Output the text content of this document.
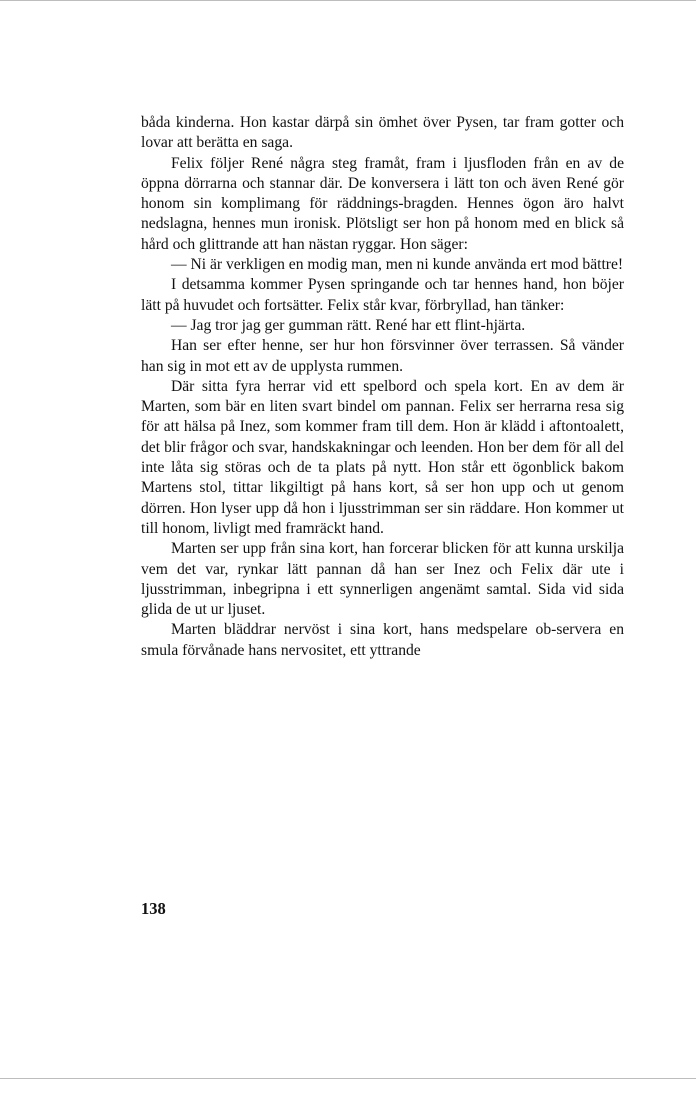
båda kinderna. Hon kastar därpå sin ömhet över Pysen, tar fram gotter och lovar att berätta en saga.

Felix följer René några steg framåt, fram i ljusfloden från en av de öppna dörrarna och stannar där. De konversera i lätt ton och även René gör honom sin komplimang för räddnings-bragden. Hennes ögon äro halvt nedslagna, hennes mun ironisk. Plötsligt ser hon på honom med en blick så hård och glittrande att han nästan ryggar. Hon säger:

— Ni är verkligen en modig man, men ni kunde använda ert mod bättre!

I detsamma kommer Pysen springande och tar hennes hand, hon böjer lätt på huvudet och fortsätter. Felix står kvar, förbryllad, han tänker:

— Jag tror jag ger gumman rätt. René har ett flint-hjärta.

Han ser efter henne, ser hur hon försvinner över terrassen. Så vänder han sig in mot ett av de upplysta rummen.

Där sitta fyra herrar vid ett spelbord och spela kort. En av dem är Marten, som bär en liten svart bindel om pannan. Felix ser herrarna resa sig för att hälsa på Inez, som kommer fram till dem. Hon är klädd i aftontoalett, det blir frågor och svar, handskakningar och leenden. Hon ber dem för all del inte låta sig störas och de ta plats på nytt. Hon står ett ögonblick bakom Martens stol, tittar likgiltigt på hans kort, så ser hon upp och ut genom dörren. Hon lyser upp då hon i ljusstrimman ser sin räddare. Hon kommer ut till honom, livligt med framräckt hand.

Marten ser upp från sina kort, han forcerar blicken för att kunna urskilja vem det var, rynkar lätt pannan då han ser Inez och Felix där ute i ljusstrimman, inbegripna i ett synnerligen angenämt samtal. Sida vid sida glida de ut ur ljuset.

Marten bläddrar nervöst i sina kort, hans medspelare ob-servera en smula förvånade hans nervositet, ett yttrande

138
